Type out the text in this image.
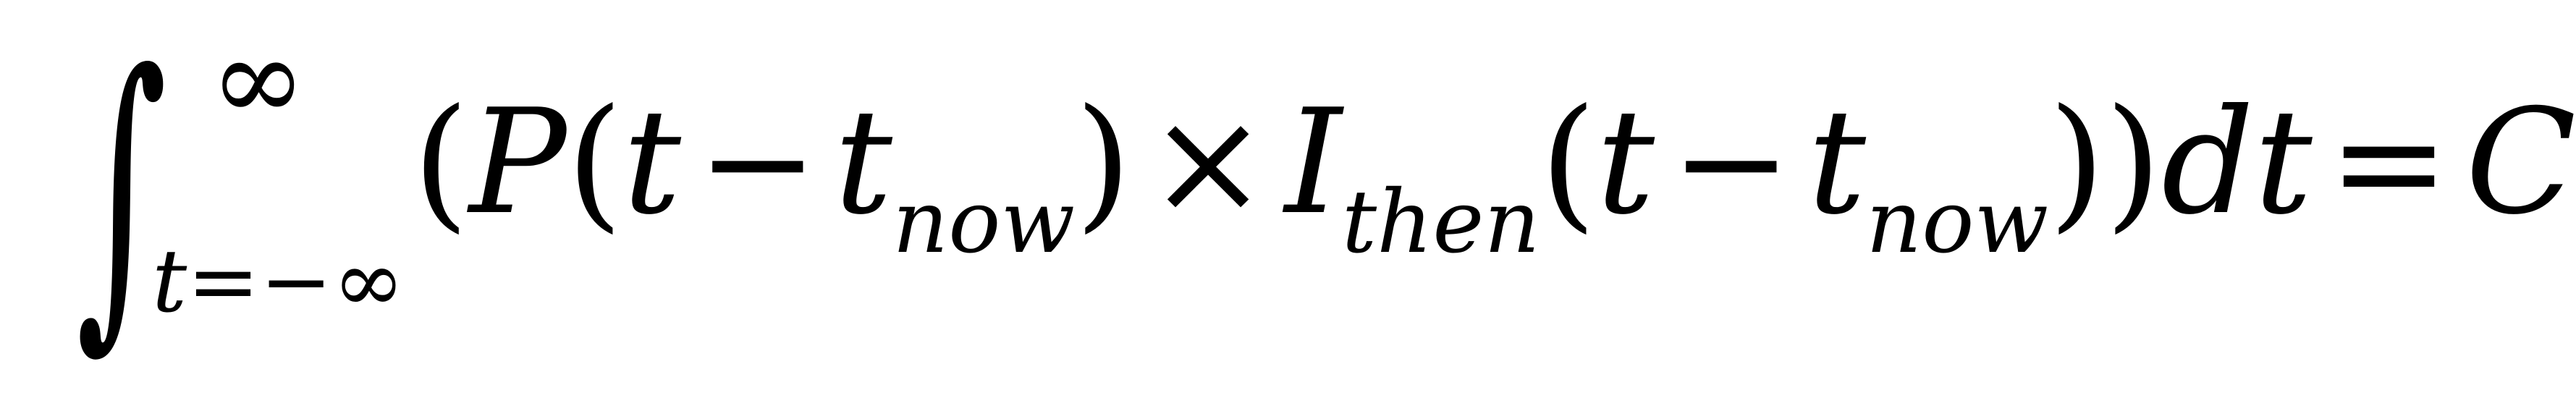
∫ ∞
t=−∞
$(P(t - t_{now}) \times I_{then}(t - t_{now}))dt = C$
